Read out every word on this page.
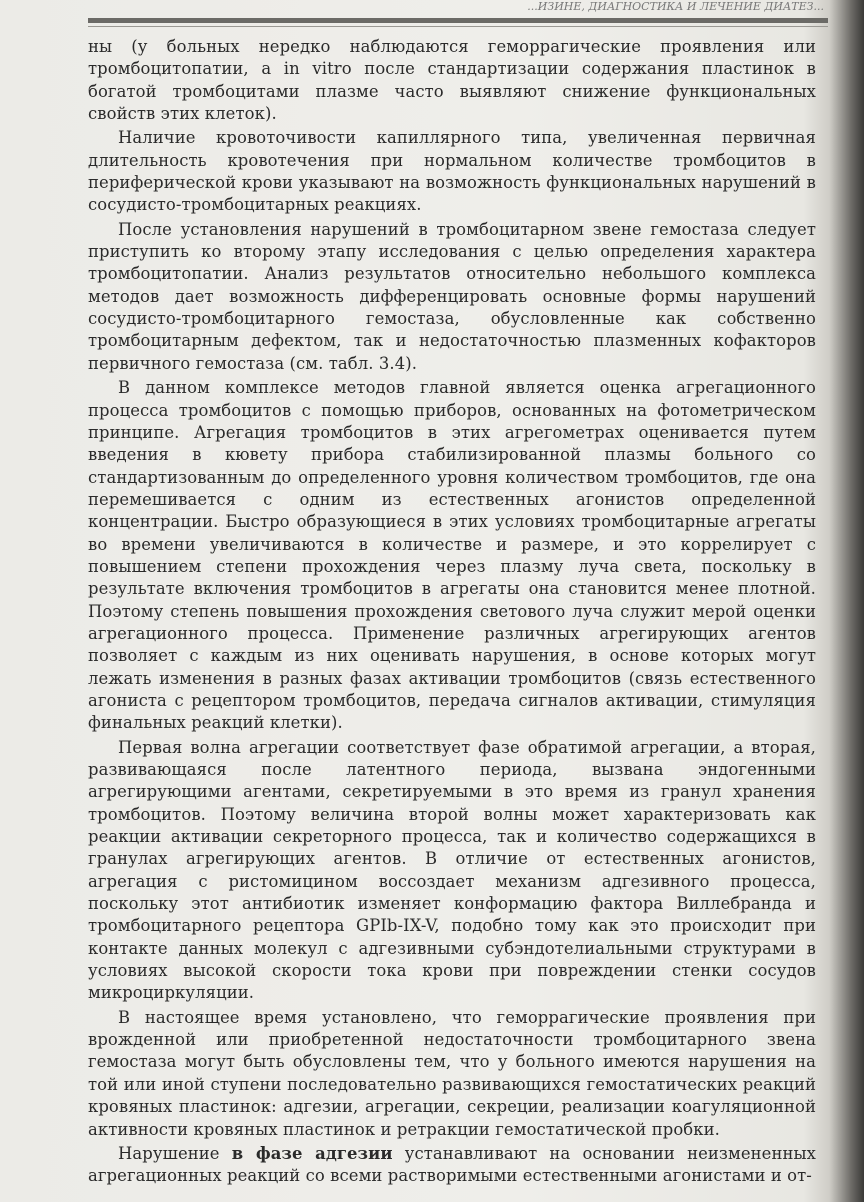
...ИЗИНЕ, ДИАГНОСТИКА И ЛЕЧЕНИЕ ДИАТЕЗ...

ны (у больных нередко наблюдаются геморрагические проявления или тромбоцитопатии, а in vitro после стандартизации содержания пластинок в богатой тромбоцитами плазме часто выявляют снижение функциональных свойств этих клеток).

Наличие кровоточивости капиллярного типа, увеличенная первичная длительность кровотечения при нормальном количестве тромбоцитов в периферической крови указывают на возможность функциональных нарушений в сосудисто-тромбоцитарных реакциях.

После установления нарушений в тромбоцитарном звене гемостаза следует приступить ко второму этапу исследования с целью определения характера тромбоцитопатии. Анализ результатов относительно небольшого комплекса методов дает возможность дифференцировать основные формы нарушений сосудисто-тромбоцитарного гемостаза, обусловленные как собственно тромбоцитарным дефектом, так и недостаточностью плазменных кофакторов первичного гемостаза (см. табл. 3.4).

В данном комплексе методов главной является оценка агрегационного процесса тромбоцитов с помощью приборов, основанных на фотометрическом принципе. Агрегация тромбоцитов в этих агрегометрах оценивается путем введения в кювету прибора стабилизированной плазмы больного со стандартизованным до определенного уровня количеством тромбоцитов, где она перемешивается с одним из естественных агонистов определенной концентрации. Быстро образующиеся в этих условиях тромбоцитарные агрегаты во времени увеличиваются в количестве и размере, и это коррелирует с повышением степени прохождения через плазму луча света, поскольку в результате включения тромбоцитов в агрегаты она становится менее плотной. Поэтому степень повышения прохождения светового луча служит мерой оценки агрегационного процесса. Применение различных агрегирующих агентов позволяет с каждым из них оценивать нарушения, в основе которых могут лежать изменения в разных фазах активации тромбоцитов (связь естественного агониста с рецептором тромбоцитов, передача сигналов активации, стимуляция финальных реакций клетки).

Первая волна агрегации соответствует фазе обратимой агрегации, а вторая, развивающаяся после латентного периода, вызвана эндогенными агрегирующими агентами, секретируемыми в это время из гранул хранения тромбоцитов. Поэтому величина второй волны может характеризовать как реакции активации секреторного процесса, так и количество содержащихся в гранулах агрегирующих агентов. В отличие от естественных агонистов, агрегация с ристомицином воссоздает механизм адгезивного процесса, поскольку этот антибиотик изменяет конформацию фактора Виллебранда и тромбоцитарного рецептора GPIb-IX-V, подобно тому как это происходит при контакте данных молекул с адгезивными субэндотелиальными структурами в условиях высокой скорости тока крови при повреждении стенки сосудов микроциркуляции.

В настоящее время установлено, что геморрагические проявления при врожденной или приобретенной недостаточности тромбоцитарного звена гемостаза могут быть обусловлены тем, что у больного имеются нарушения на той или иной ступени последовательно развивающихся гемостатических реакций кровяных пластинок: адгезии, агрегации, секреции, реализации коагуляционной активности кровяных пластинок и ретракции гемостатической пробки.

Нарушение в фазе адгезии устанавливают на основании неизмененных агрегационных реакций со всеми растворимыми естественными агонистами и от-
